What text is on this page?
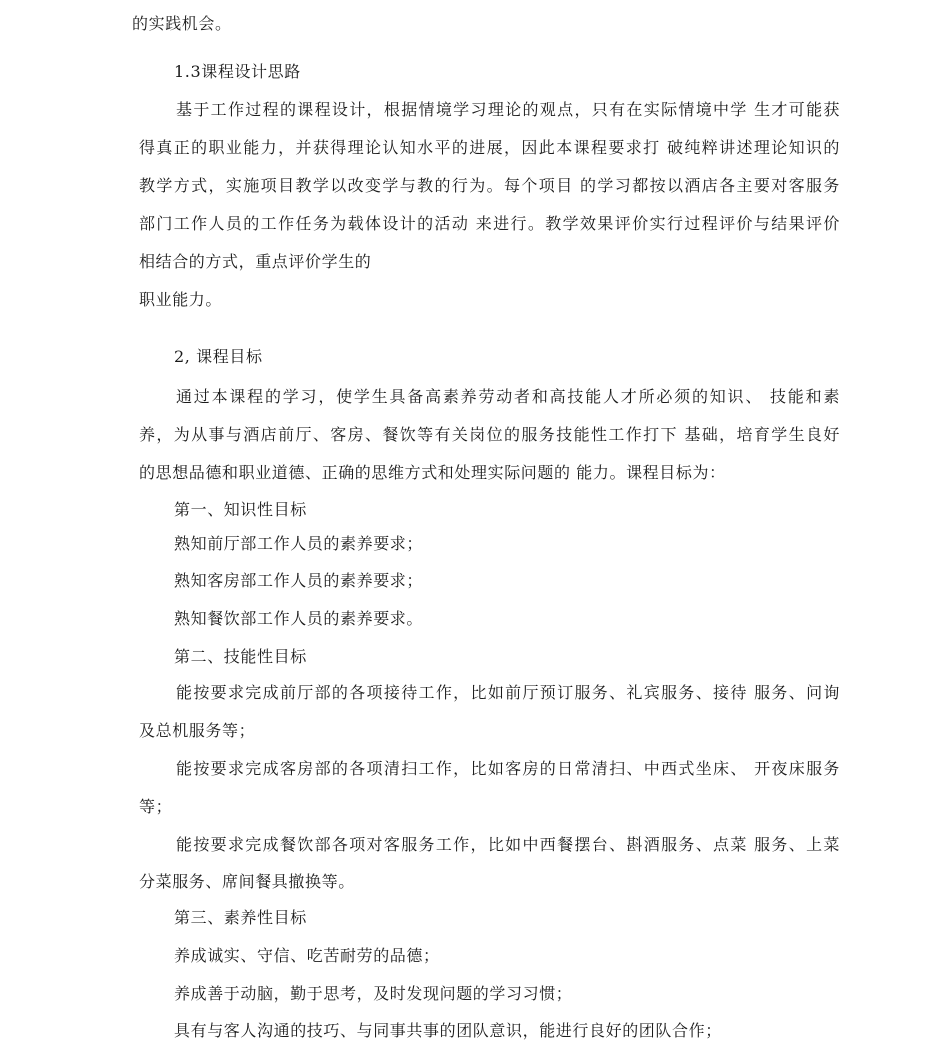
的实践机会。
1.3课程设计思路
基于工作过程的课程设计，根据情境学习理论的观点，只有在实际情境中学 生才可能获
得真正的职业能力，并获得理论认知水平的进展，因此本课程要求打 破纯粹讲述理论知识的
教学方式，实施项目教学以改变学与教的行为。每个项目 的学习都按以酒店各主要对客服务
部门工作人员的工作任务为载体设计的活动 来进行。教学效果评价实行过程评价与结果评价
相结合的方式，重点评价学生的
职业能力。
2, 课程目标
通过本课程的学习，使学生具备高素养劳动者和高技能人才所必须的知识、 技能和素
养，为从事与酒店前厅、客房、餐饮等有关岗位的服务技能性工作打下 基础，培育学生良好
的思想品德和职业道德、正确的思维方式和处理实际问题的 能力。课程目标为：
第一、知识性目标
熟知前厅部工作人员的素养要求；
熟知客房部工作人员的素养要求；
熟知餐饮部工作人员的素养要求。
第二、技能性目标
能按要求完成前厅部的各项接待工作，比如前厅预订服务、礼宾服务、接待 服务、问询
及总机服务等；
能按要求完成客房部的各项清扫工作，比如客房的日常清扫、中西式坐床、 开夜床服务
等；
能按要求完成餐饮部各项对客服务工作，比如中西餐摆台、斟酒服务、点菜 服务、上菜
分菜服务、席间餐具撤换等。
第三、素养性目标
养成诚实、守信、吃苦耐劳的品德；
养成善于动脑，勤于思考，及时发现问题的学习习惯；
具有与客人沟通的技巧、与同事共事的团队意识，能进行良好的团队合作；
